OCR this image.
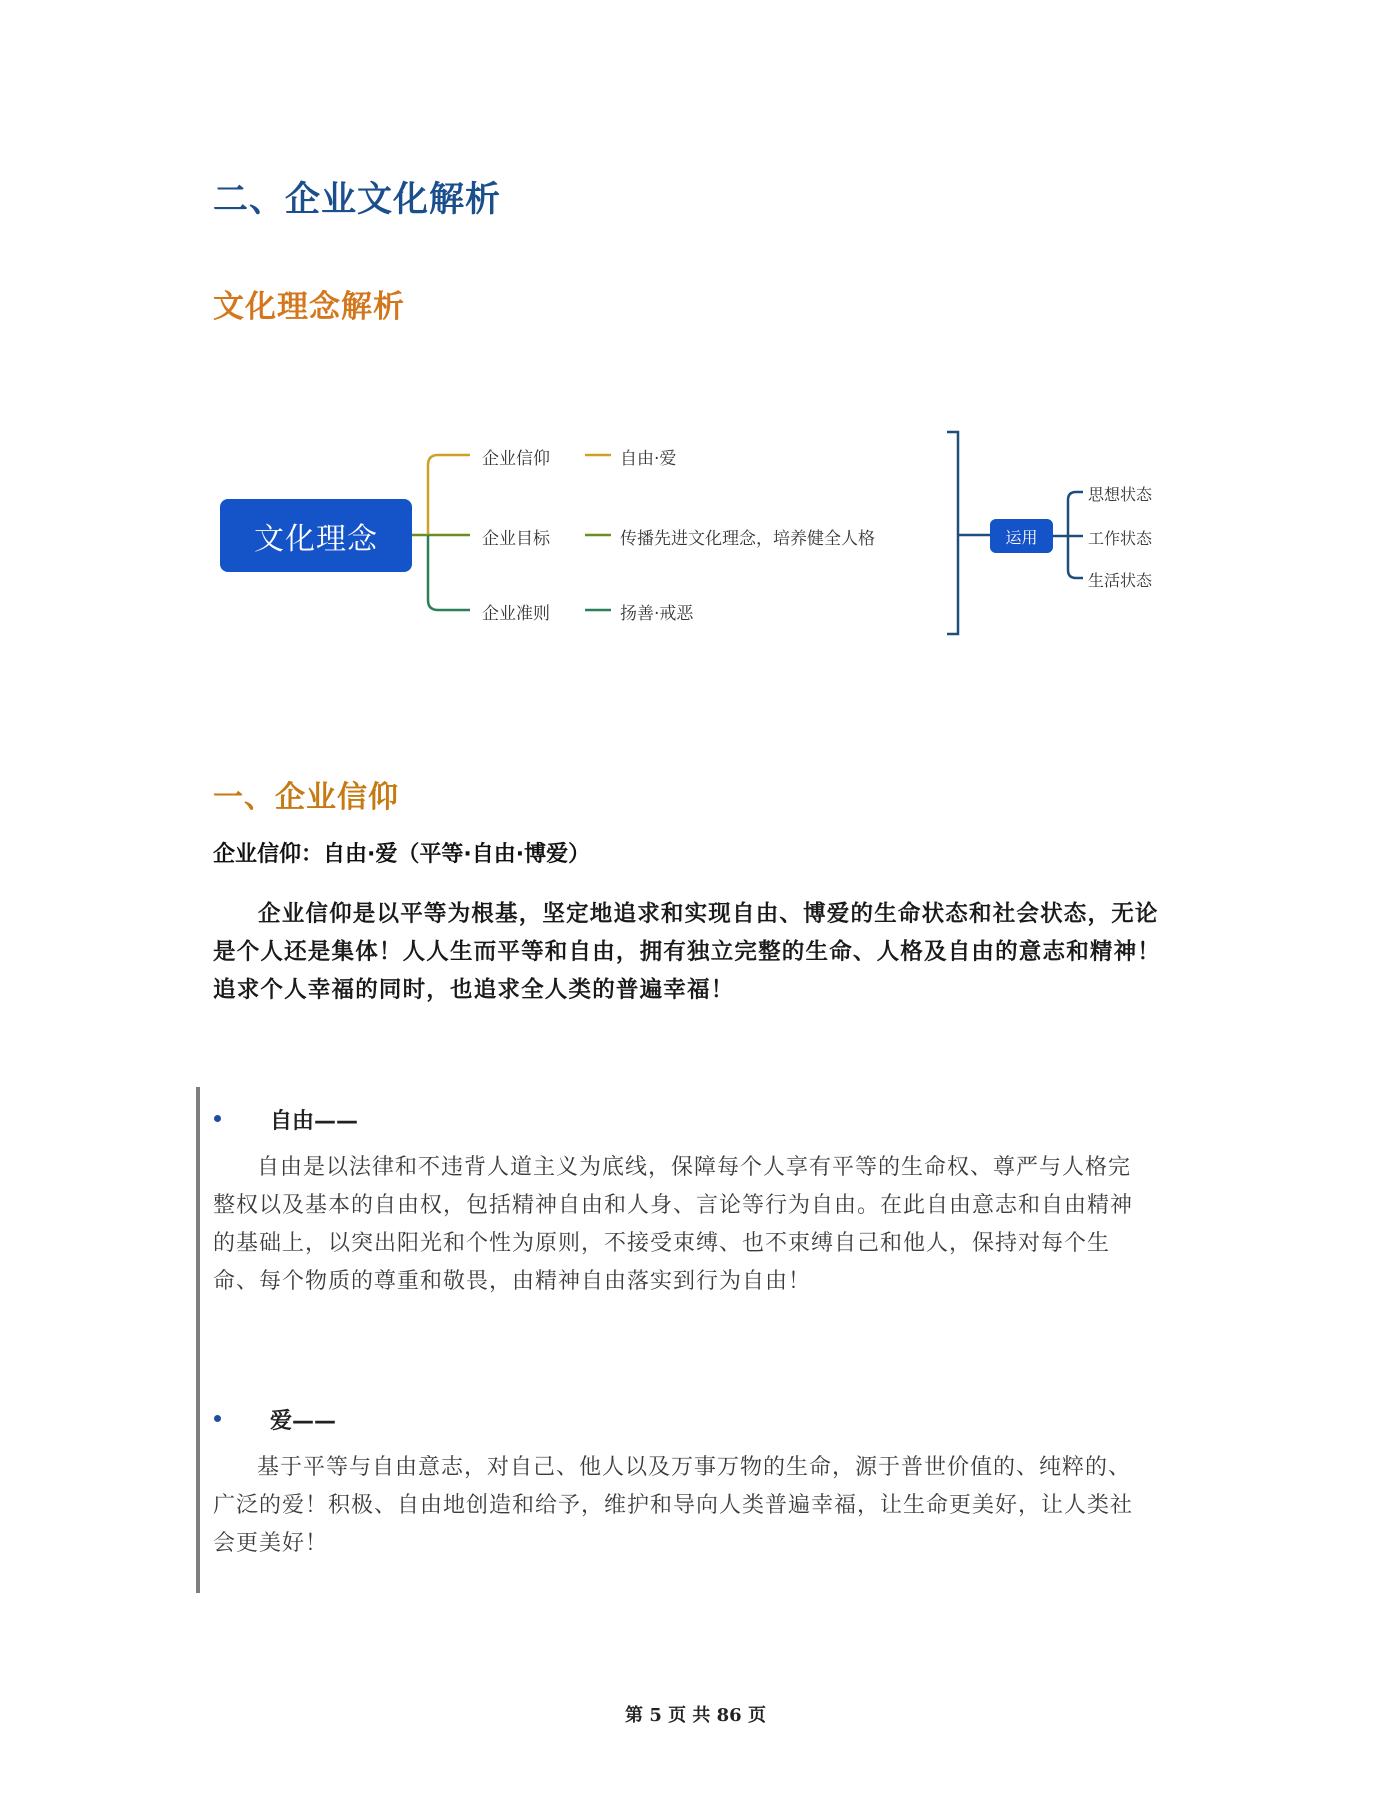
二、企业文化解析
文化理念解析
文化理念
企业信仰	自由·爱
企业目标	传播先进文化理念，培养健全人格
企业准则	扬善·戒恶
运用
思想状态
工作状态
生活状态
一、企业信仰
企业信仰：自由·爱（平等·自由·博爱）
企业信仰是以平等为根基，坚定地追求和实现自由、博爱的生命状态和社会状态，无论是个人还是集体！人人生而平等和自由，拥有独立完整的生命、人格及自由的意志和精神！追求个人幸福的同时，也追求全人类的普遍幸福！
自由——
自由是以法律和不违背人道主义为底线，保障每个人享有平等的生命权、尊严与人格完整权以及基本的自由权，包括精神自由和人身、言论等行为自由。在此自由意志和自由精神的基础上，以突出阳光和个性为原则，不接受束缚、也不束缚自己和他人，保持对每个生命、每个物质的尊重和敬畏，由精神自由落实到行为自由！
爱——
基于平等与自由意志，对自己、他人以及万事万物的生命，源于普世价值的、纯粹的、广泛的爱！积极、自由地创造和给予，维护和导向人类普遍幸福，让生命更美好，让人类社会更美好！
第 5 页 共 86 页
